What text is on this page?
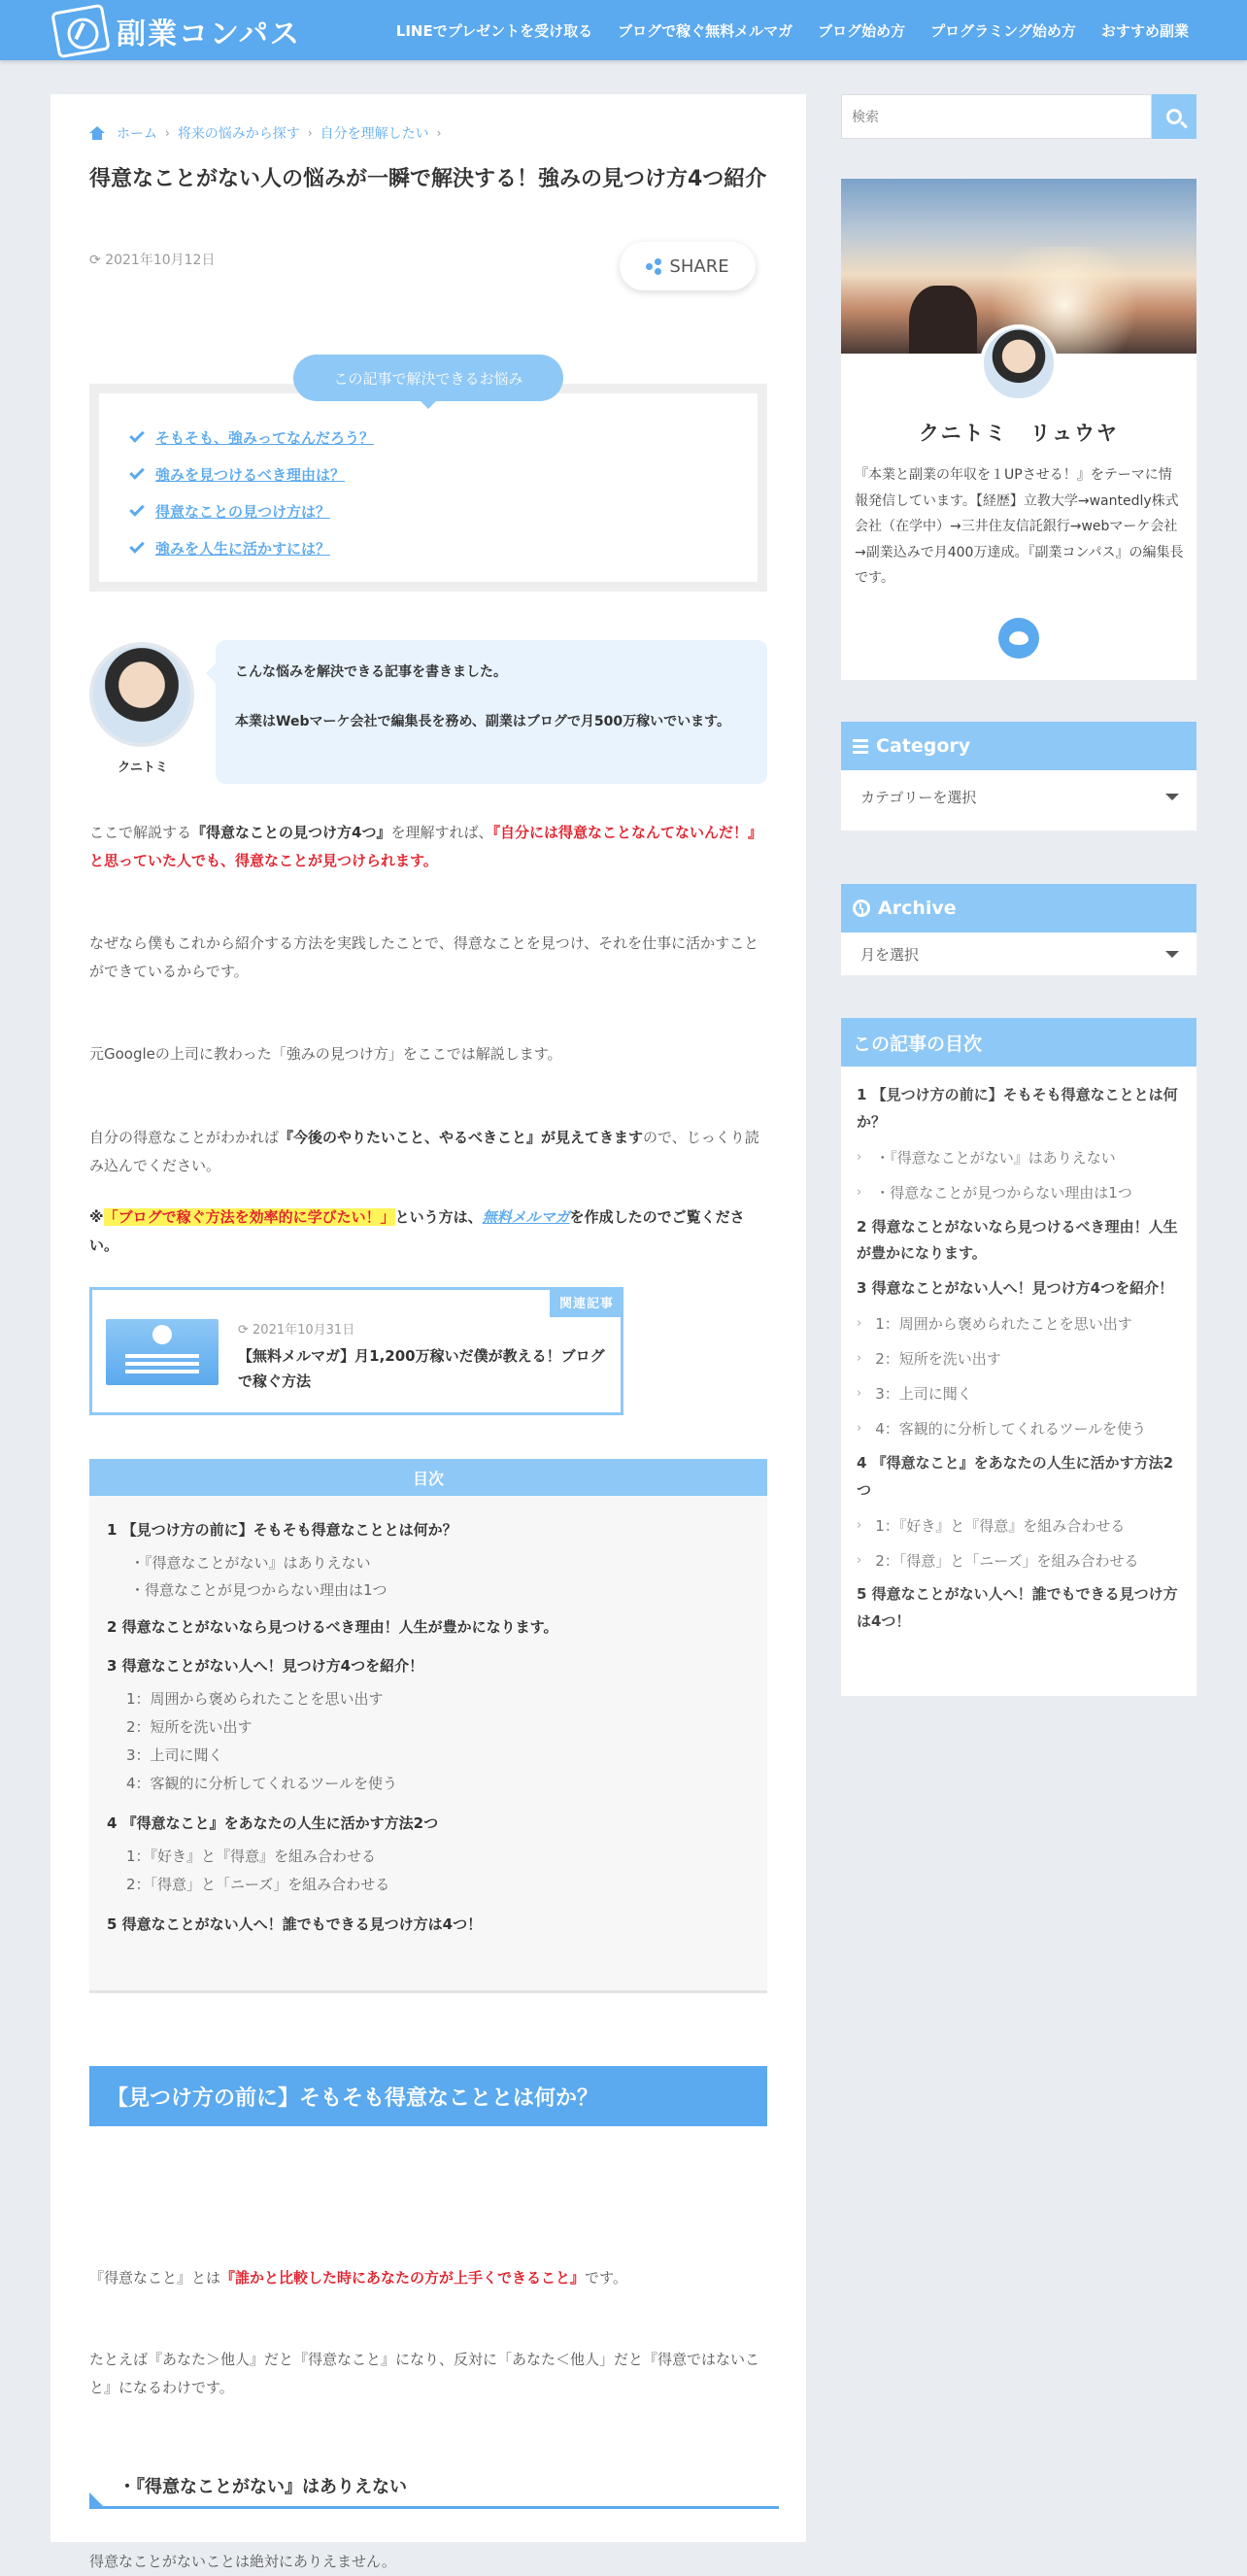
副業コンパス	LINEでプレゼントを受け取る ブログで稼ぐ無料メルマガ ブログ始め方 プログラミング始め方 おすすめ副業
ホーム › 将来の悩みから探す › 自分を理解したい ›
得意なことがない人の悩みが一瞬で解決する！強みの見つけ方4つ紹介
⟳ 2021年10月12日	SHARE
この記事で解決できるお悩み
そもそも、強みってなんだろう？
強みを見つけるべき理由は？
得意なことの見つけ方は？
強みを人生に活かすには？
クニトミ

こんな悩みを解決できる記事を書きました。

本業はWebマーケ会社で編集長を務め、副業はブログで月500万稼いでいます。

ここで解説する『得意なことの見つけ方4つ』を理解すれば、『自分には得意なことなんてないんだ！』と思っていた人でも、得意なことが見つけられます。

なぜなら僕もこれから紹介する方法を実践したことで、得意なことを見つけ、それを仕事に活かすことができているからです。

元Googleの上司に教わった「強みの見つけ方」をここでは解説します。

自分の得意なことがわかれば『今後のやりたいこと、やるべきこと』が見えてきますので、じっくり読み込んでください。

※「ブログで稼ぐ方法を効率的に学びたい！」という方は、無料メルマガを作成したのでご覧ください。

関連記事
⟳ 2021年10月31日
【無料メルマガ】月1,200万稼いだ僕が教える！ブログで稼ぐ方法
目次
1 【見つけ方の前に】そもそも得意なこととは何か？
・『得意なことがない』はありえない
・得意なことが見つからない理由は1つ
2 得意なことがないなら見つけるべき理由！人生が豊かになります。
3 得意なことがない人へ！見つけ方4つを紹介！
1：周囲から褒められたことを思い出す
2：短所を洗い出す
3：上司に聞く
4：客観的に分析してくれるツールを使う
4 『得意なこと』をあなたの人生に活かす方法2つ
1：『好き』と『得意』を組み合わせる
2：「得意」と「ニーズ」を組み合わせる
5 得意なことがない人へ！誰でもできる見つけ方は4つ！
【見つけ方の前に】そもそも得意なこととは何か？

『得意なこと』とは『誰かと比較した時にあなたの方が上手くできること』です。

たとえば『あなた＞他人』だと『得意なこと』になり、反対に「あなた＜他人」だと『得意ではないこと』になるわけです。

・『得意なことがない』はありえない

得意なことがないことは絶対にありえません。

検索
クニトミ　リュウヤ

『本業と副業の年収を１UPさせる！』をテーマに情報発信しています。【経歴】立教大学→wantedly株式会社（在学中）→三井住友信託銀行→webマーケ会社→副業込みで月400万達成。『副業コンパス』の編集長です。

Category
カテゴリーを選択
Archive
月を選択
この記事の目次
1 【見つけ方の前に】そもそも得意なこととは何か？
› ・『得意なことがない』はありえない
› ・得意なことが見つからない理由は1つ
2 得意なことがないなら見つけるべき理由！人生が豊かになります。
3 得意なことがない人へ！見つけ方4つを紹介！
› 1：周囲から褒められたことを思い出す
› 2：短所を洗い出す
› 3：上司に聞く
› 4：客観的に分析してくれるツールを使う
4 『得意なこと』をあなたの人生に活かす方法2つ
› 1：『好き』と『得意』を組み合わせる
› 2：「得意」と「ニーズ」を組み合わせる
5 得意なことがない人へ！誰でもできる見つけ方は4つ！
